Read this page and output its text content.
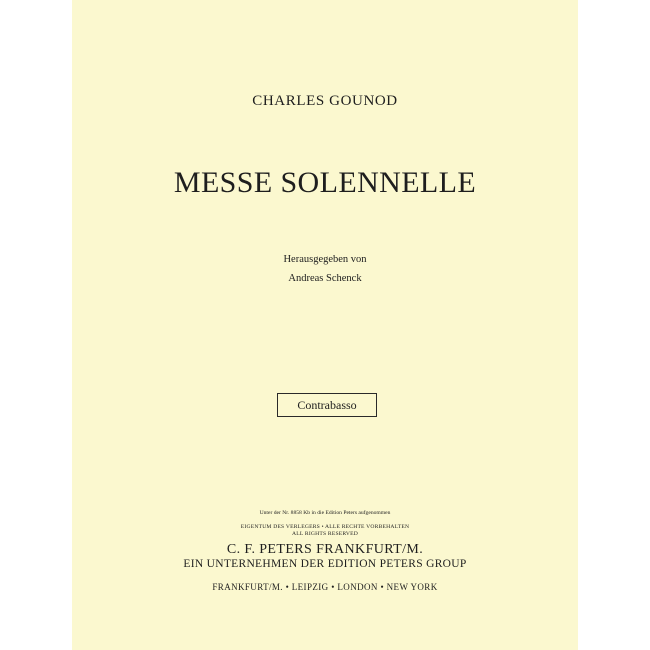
CHARLES GOUNOD
MESSE SOLENNELLE
Herausgegeben von
Andreas Schenck
Contrabasso
Unter der Nr. 8858 Kb in die Edition Peters aufgenommen
EIGENTUM DES VERLEGERS • ALLE RECHTE VORBEHALTEN
ALL RIGHTS RESERVED
C. F. PETERS FRANKFURT/M.
EIN UNTERNEHMEN DER EDITION PETERS GROUP
FRANKFURT/M. • LEIPZIG • LONDON • NEW YORK
